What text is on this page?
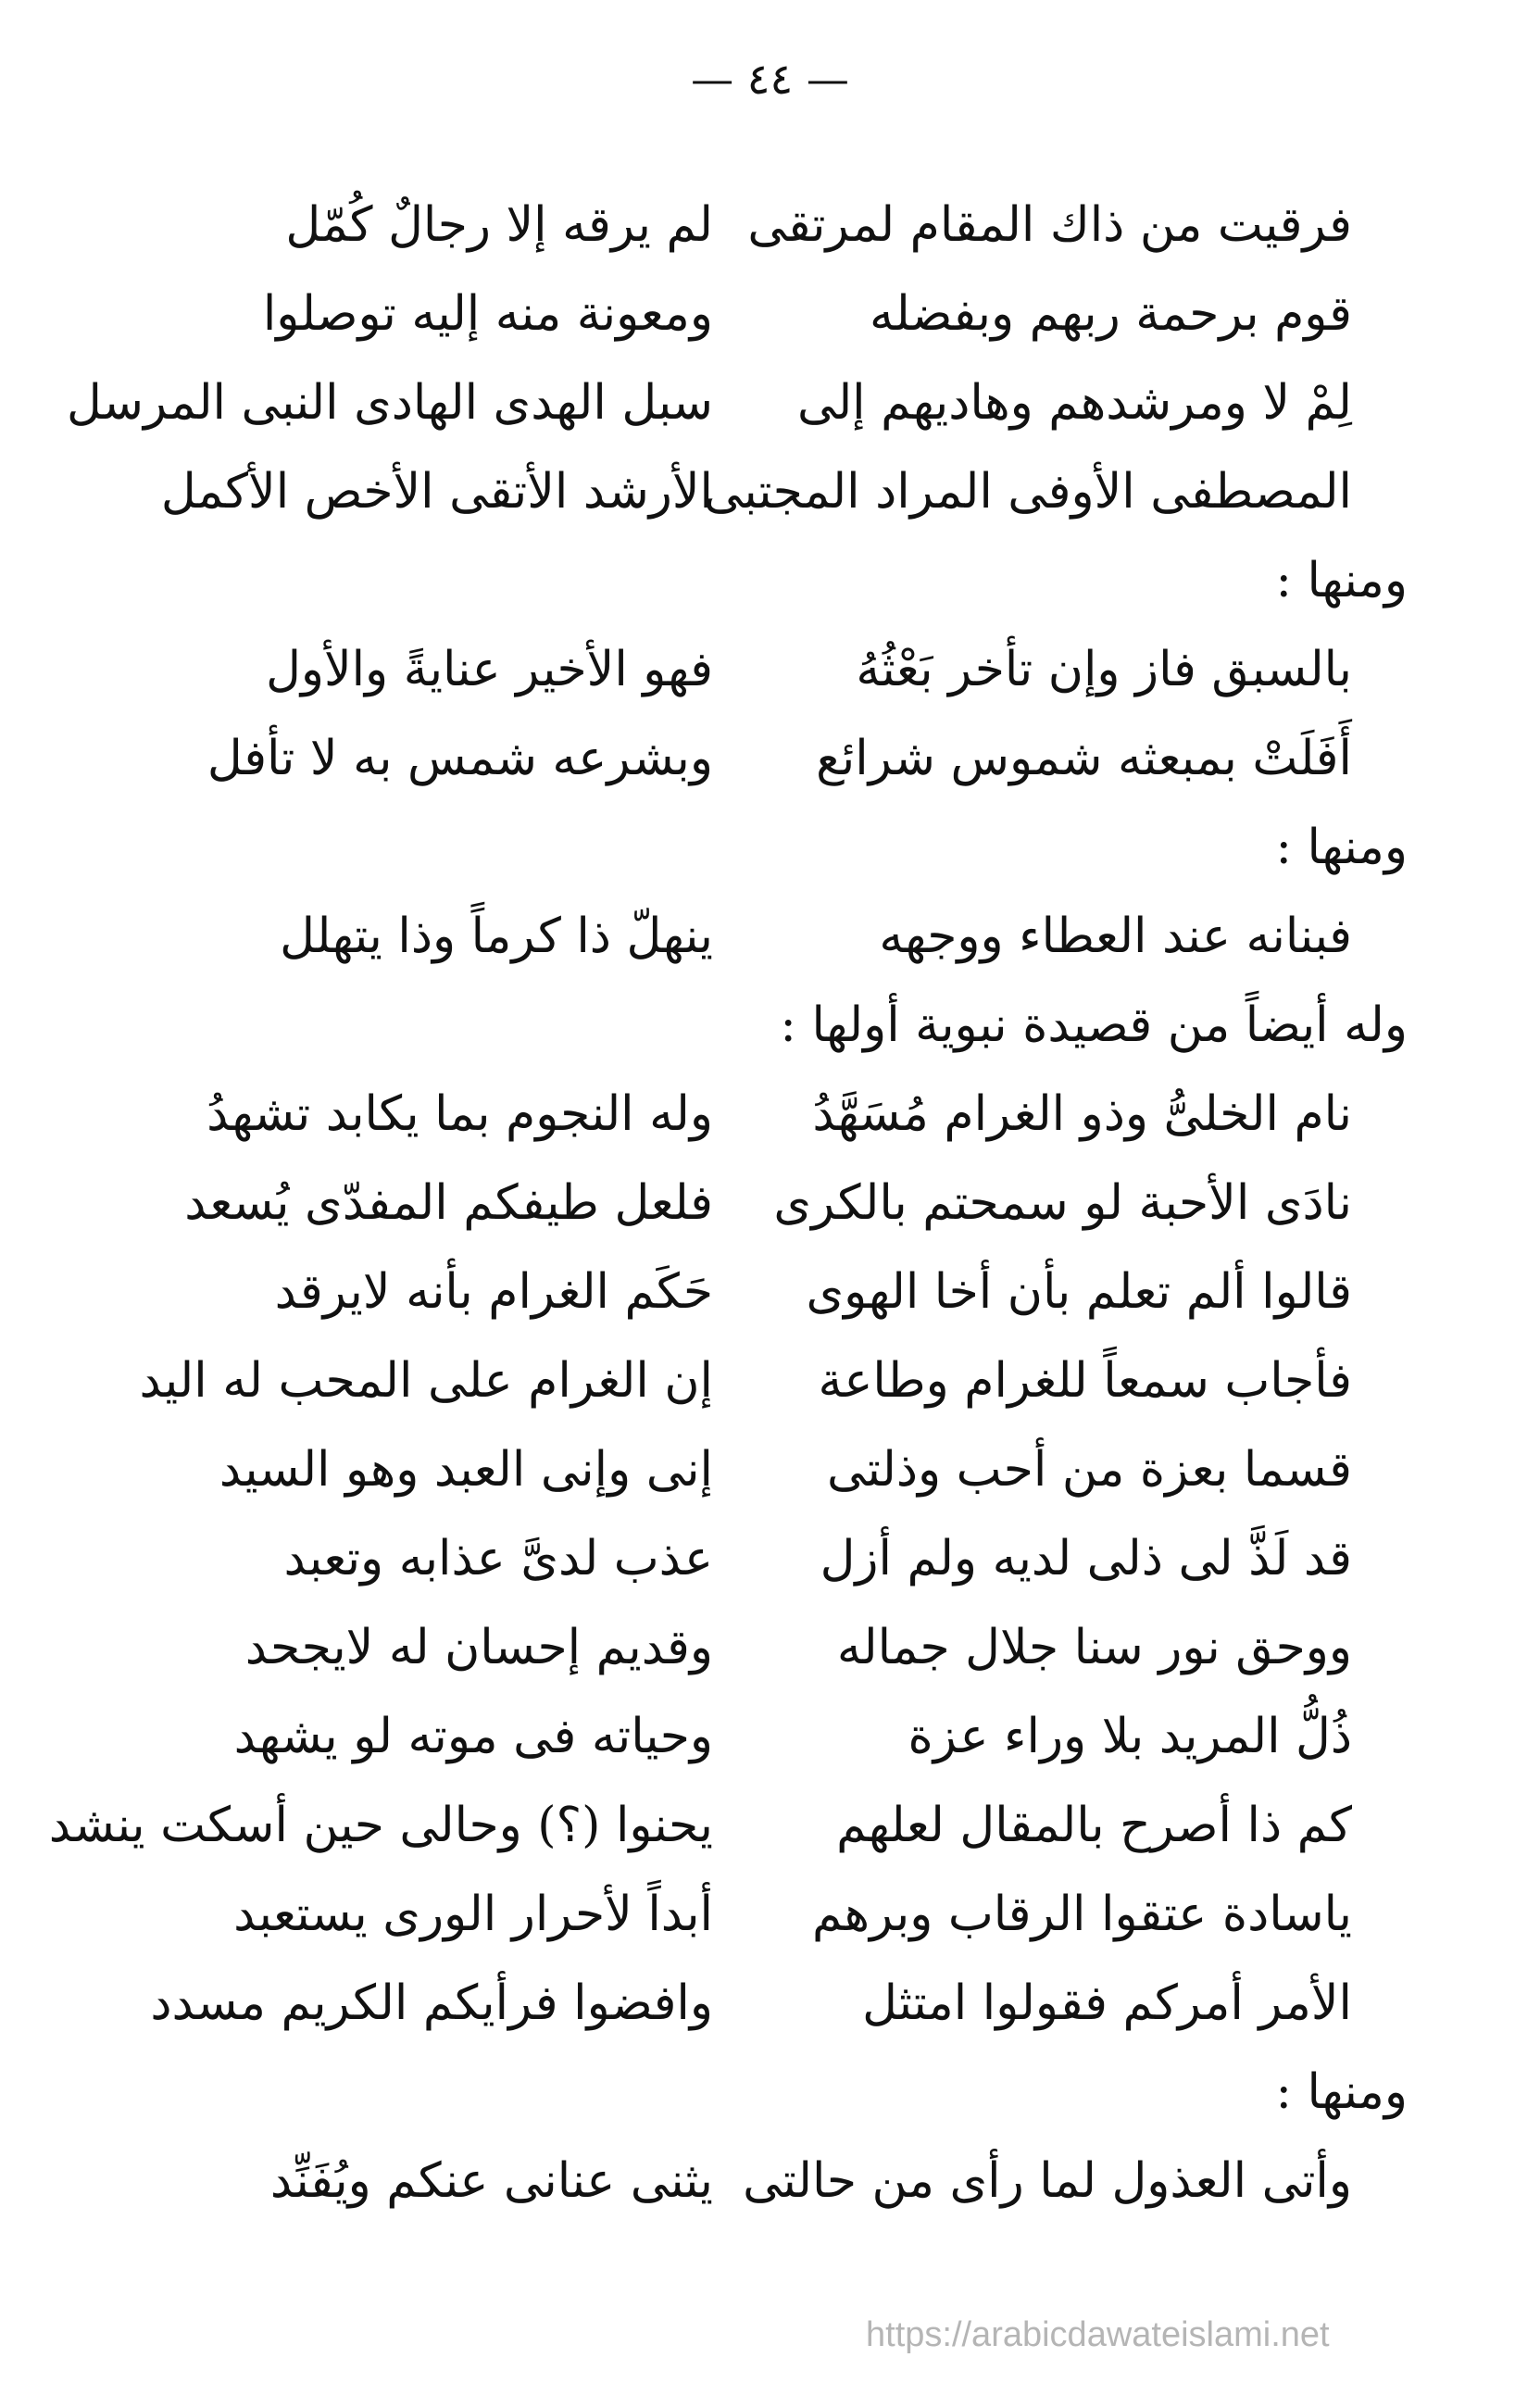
— ٤٤ —
فرقيت من ذاك المقام لمرتقى
لم يرقه إلا رجالٌ كُمّل
قوم برحمة ربهم وبفضله
ومعونة منه إليه توصلوا
لِمْ لا ومرشدهم وهاديهم إلى
سبل الهدى الهادى النبى المرسل
المصطفى الأوفى المراد المجتبى
الأرشد الأتقى الأخص الأكمل
ومنها :
بالسبق فاز وإن تأخر بَعْثُهُ
فهو الأخير عنايةً والأول
أَفَلَتْ بمبعثه شموس شرائع
وبشرعه شمس به لا تأفل
ومنها :
فبنانه عند العطاء ووجهه
ينهلّ ذا كرماً وذا يتهلل
وله أيضاً من قصيدة نبوية أولها :
نام الخلىُّ وذو الغرام مُسَهَّدُ
وله النجوم بما يكابد تشهدُ
نادَى الأحبة لو سمحتم بالكرى
فلعل طيفكم المفدّى يُسعد
قالوا ألم تعلم بأن أخا الهوى
حَكَم الغرام بأنه لايرقد
فأجاب سمعاً للغرام وطاعة
إن الغرام على المحب له اليد
قسما بعزة من أحب وذلتى
إنى وإنى العبد وهو السيد
قد لَذَّ لى ذلى لديه ولم أزل
عذب لدىَّ عذابه وتعبد
ووحق نور سنا جلال جماله
وقديم إحسان له لايجحد
ذُلُّ المريد بلا وراء عزة
وحياته فى موته لو يشهد
كم ذا أصرح بالمقال لعلهم
يحنوا (؟) وحالى حين أسكت ينشد
ياسادة عتقوا الرقاب وبرهم
أبداً لأحرار الورى يستعبد
الأمر أمركم فقولوا امتثل
وافضوا فرأيكم الكريم مسدد
ومنها :
وأتى العذول لما رأى من حالتى
يثنى عنانى عنكم ويُفَنِّد
https://arabicdawateislami.net
